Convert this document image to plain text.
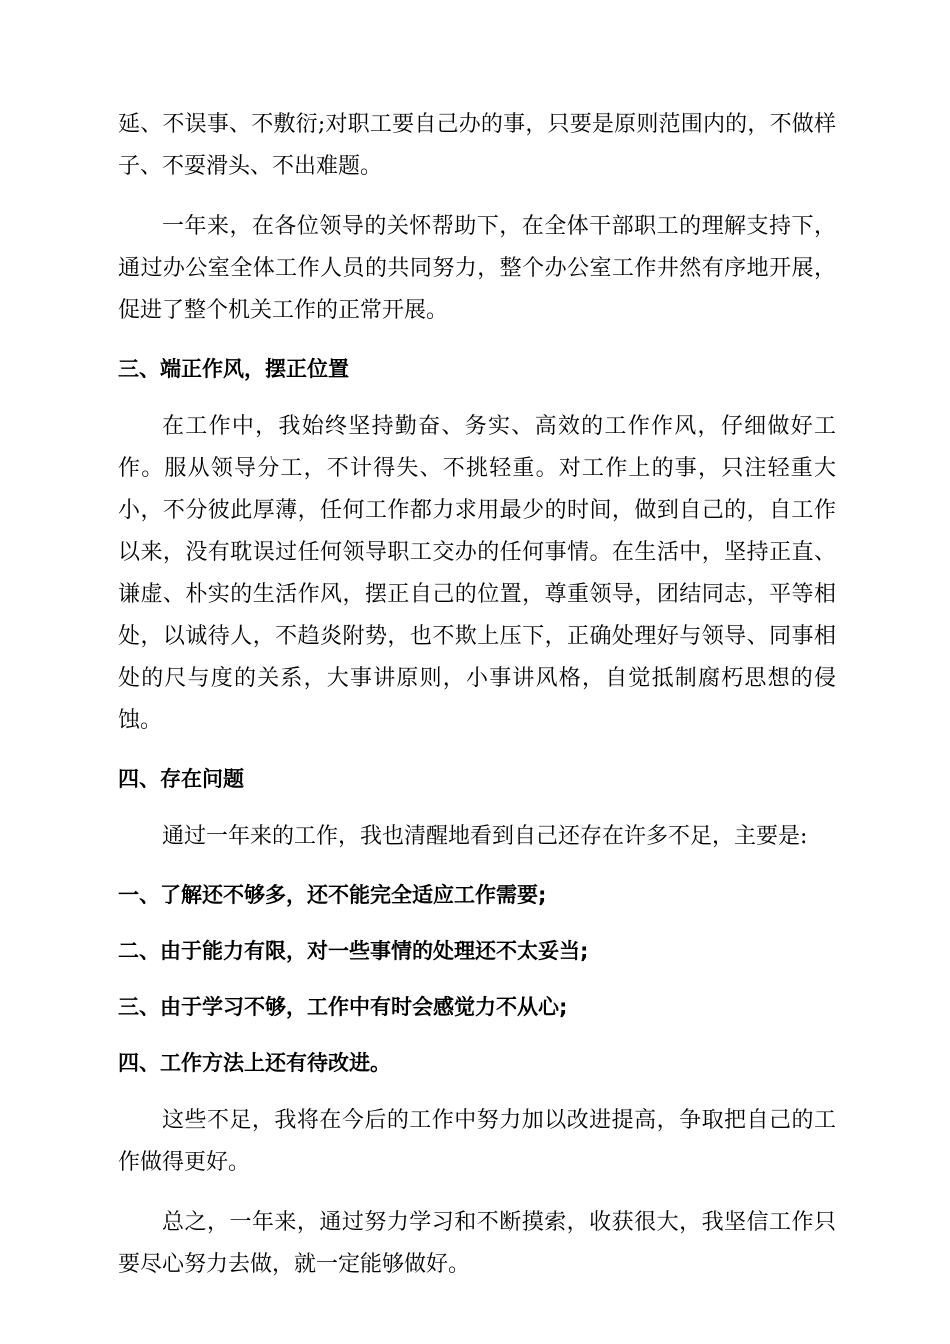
延、不误事、不敷衍;对职工要自己办的事，只要是原则范围内的，不做样子、不耍滑头、不出难题。

一年来，在各位领导的关怀帮助下，在全体干部职工的理解支持下，通过办公室全体工作人员的共同努力，整个办公室工作井然有序地开展，促进了整个机关工作的正常开展。

三、端正作风，摆正位置

在工作中，我始终坚持勤奋、务实、高效的工作作风，仔细做好工作。服从领导分工，不计得失、不挑轻重。对工作上的事，只注轻重大小，不分彼此厚薄，任何工作都力求用最少的时间，做到自己的，自工作以来，没有耽误过任何领导职工交办的任何事情。在生活中，坚持正直、谦虚、朴实的生活作风，摆正自己的位置，尊重领导，团结同志，平等相处，以诚待人，不趋炎附势，也不欺上压下，正确处理好与领导、同事相处的尺与度的关系，大事讲原则，小事讲风格，自觉抵制腐朽思想的侵蚀。

四、存在问题

通过一年来的工作，我也清醒地看到自己还存在许多不足，主要是:

一、了解还不够多，还不能完全适应工作需要;

二、由于能力有限，对一些事情的处理还不太妥当;

三、由于学习不够，工作中有时会感觉力不从心;

四、工作方法上还有待改进。

这些不足，我将在今后的工作中努力加以改进提高，争取把自己的工作做得更好。

总之，一年来，通过努力学习和不断摸索，收获很大，我坚信工作只要尽心努力去做，就一定能够做好。
